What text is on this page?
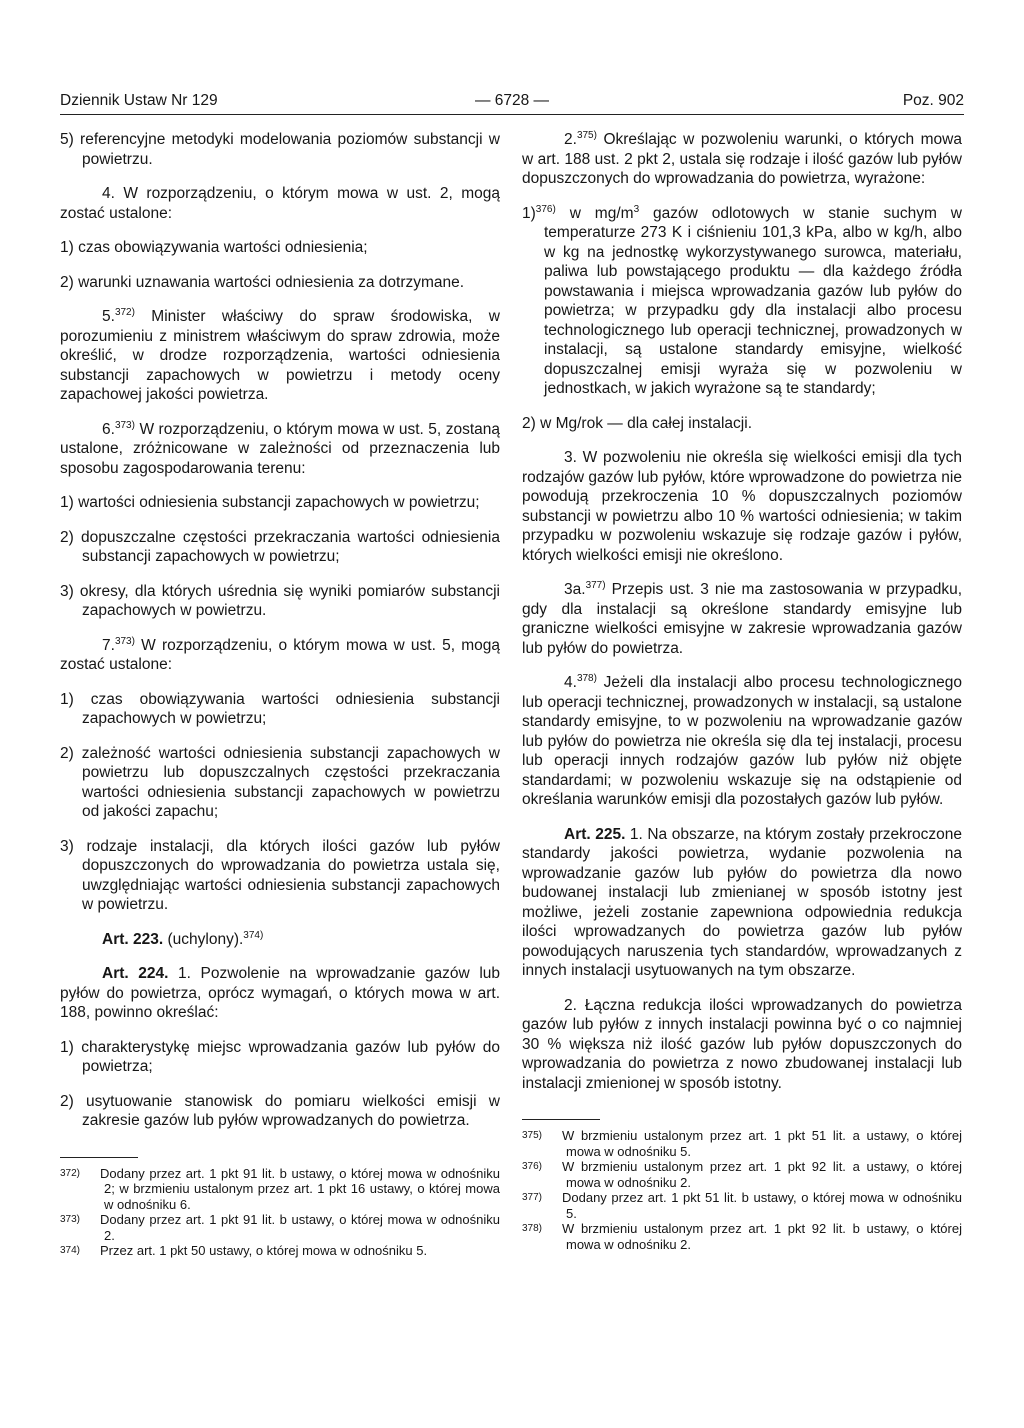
Dziennik Ustaw Nr 129	— 6728 —	Poz. 902

5) referencyjne metodyki modelowania poziomów substancji w powietrzu.

4. W rozporządzeniu, o którym mowa w ust. 2, mogą zostać ustalone:

1) czas obowiązywania wartości odniesienia;

2) warunki uznawania wartości odniesienia za dotrzymane.

5.$^{372)}$ Minister właściwy do spraw środowiska, w porozumieniu z ministrem właściwym do spraw zdrowia, może określić, w drodze rozporządzenia, wartości odniesienia substancji zapachowych w powietrzu i metody oceny zapachowej jakości powietrza.

6.$^{373)}$ W rozporządzeniu, o którym mowa w ust. 5, zostaną ustalone, zróżnicowane w zależności od przeznaczenia lub sposobu zagospodarowania terenu:

1) wartości odniesienia substancji zapachowych w powietrzu;

2) dopuszczalne częstości przekraczania wartości odniesienia substancji zapachowych w powietrzu;

3) okresy, dla których uśrednia się wyniki pomiarów substancji zapachowych w powietrzu.

7.$^{373)}$ W rozporządzeniu, o którym mowa w ust. 5, mogą zostać ustalone:

1) czas obowiązywania wartości odniesienia substancji zapachowych w powietrzu;

2) zależność wartości odniesienia substancji zapachowych w powietrzu lub dopuszczalnych częstości przekraczania wartości odniesienia substancji zapachowych w powietrzu od jakości zapachu;

3) rodzaje instalacji, dla których ilości gazów lub pyłów dopuszczonych do wprowadzania do powietrza ustala się, uwzględniając wartości odniesienia substancji zapachowych w powietrzu.

Art. 223. (uchylony).$^{374)}$

Art. 224. 1. Pozwolenie na wprowadzanie gazów lub pyłów do powietrza, oprócz wymagań, o których mowa w art. 188, powinno określać:

1) charakterystykę miejsc wprowadzania gazów lub pyłów do powietrza;

2) usytuowanie stanowisk do pomiaru wielkości emisji w zakresie gazów lub pyłów wprowadzanych do powietrza.

372) Dodany przez art. 1 pkt 91 lit. b ustawy, o której mowa w odnośniku 2; w brzmieniu ustalonym przez art. 1 pkt 16 ustawy, o której mowa w odnośniku 6.

373) Dodany przez art. 1 pkt 91 lit. b ustawy, o której mowa w odnośniku 2.

374) Przez art. 1 pkt 50 ustawy, o której mowa w odnośniku 5.

2.$^{375)}$ Określając w pozwoleniu warunki, o których mowa w art. 188 ust. 2 pkt 2, ustala się rodzaje i ilość gazów lub pyłów dopuszczonych do wprowadzania do powietrza, wyrażone:

1)$^{376)}$ w $mg/m^3$ gazów odlotowych w stanie suchym w temperaturze 273 K i ciśnieniu 101,3 kPa, albo w kg/h, albo w kg na jednostkę wykorzystywanego surowca, materiału, paliwa lub powstającego produktu — dla każdego źródła powstawania i miejsca wprowadzania gazów lub pyłów do powietrza; w przypadku gdy dla instalacji albo procesu technologicznego lub operacji technicznej, prowadzonych w instalacji, są ustalone standardy emisyjne, wielkość dopuszczalnej emisji wyraża się w pozwoleniu w jednostkach, w jakich wyrażone są te standardy;

2) w Mg/rok — dla całej instalacji.

3. W pozwoleniu nie określa się wielkości emisji dla tych rodzajów gazów lub pyłów, które wprowadzone do powietrza nie powodują przekroczenia 10 % dopuszczalnych poziomów substancji w powietrzu albo 10 % wartości odniesienia; w takim przypadku w pozwoleniu wskazuje się rodzaje gazów i pyłów, których wielkości emisji nie określono.

3a.$^{377)}$ Przepis ust. 3 nie ma zastosowania w przypadku, gdy dla instalacji są określone standardy emisyjne lub graniczne wielkości emisyjne w zakresie wprowadzania gazów lub pyłów do powietrza.

4.$^{378)}$ Jeżeli dla instalacji albo procesu technologicznego lub operacji technicznej, prowadzonych w instalacji, są ustalone standardy emisyjne, to w pozwoleniu na wprowadzanie gazów lub pyłów do powietrza nie określa się dla tej instalacji, procesu lub operacji innych rodzajów gazów lub pyłów niż objęte standardami; w pozwoleniu wskazuje się na odstąpienie od określania warunków emisji dla pozostałych gazów lub pyłów.

Art. 225. 1. Na obszarze, na którym zostały przekroczone standardy jakości powietrza, wydanie pozwolenia na wprowadzanie gazów lub pyłów do powietrza dla nowo budowanej instalacji lub zmienianej w sposób istotny jest możliwe, jeżeli zostanie zapewniona odpowiednia redukcja ilości wprowadzanych do powietrza gazów lub pyłów powodujących naruszenia tych standardów, wprowadzanych z innych instalacji usytuowanych na tym obszarze.

2. Łączna redukcja ilości wprowadzanych do powietrza gazów lub pyłów z innych instalacji powinna być o co najmniej 30 % większa niż ilość gazów lub pyłów dopuszczonych do wprowadzania do powietrza z nowo zbudowanej instalacji lub instalacji zmienionej w sposób istotny.

375) W brzmieniu ustalonym przez art. 1 pkt 51 lit. a ustawy, o której mowa w odnośniku 5.

376) W brzmieniu ustalonym przez art. 1 pkt 92 lit. a ustawy, o której mowa w odnośniku 2.

377) Dodany przez art. 1 pkt 51 lit. b ustawy, o której mowa w odnośniku 5.

378) W brzmieniu ustalonym przez art. 1 pkt 92 lit. b ustawy, o której mowa w odnośniku 2.
